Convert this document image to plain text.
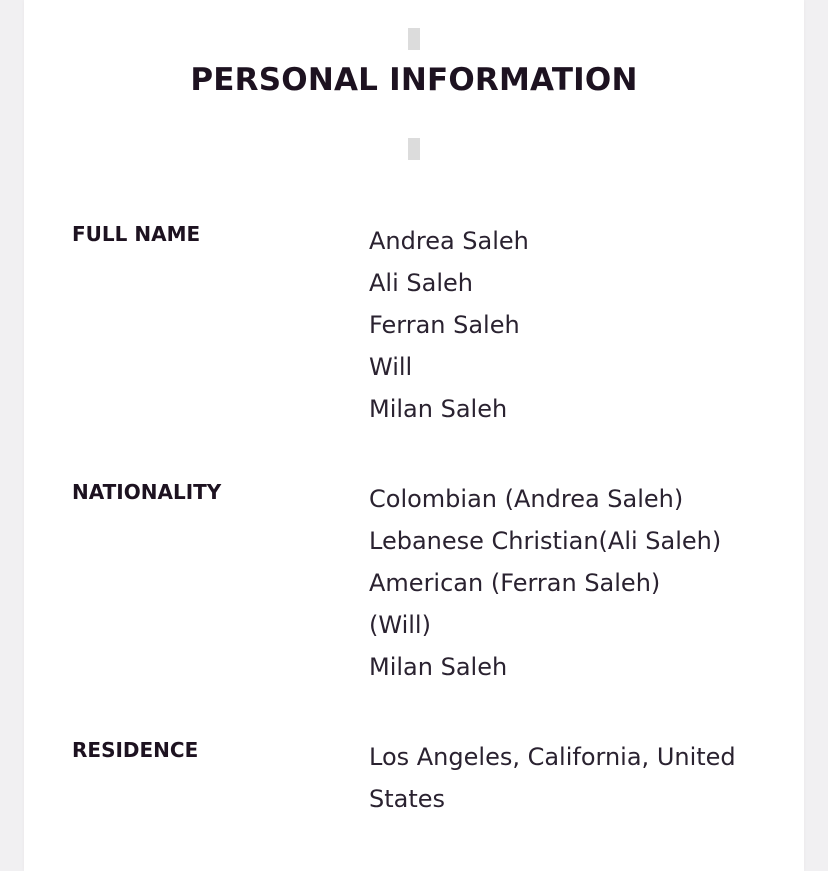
PERSONAL INFORMATION
FULL NAME	Andrea Saleh
Ali Saleh
Ferran Saleh
Will
Milan Saleh
NATIONALITY	Colombian (Andrea Saleh)
Lebanese Christian(Ali Saleh)
American (Ferran Saleh)
(Will)
Milan Saleh
RESIDENCE	Los Angeles, California, United
States
